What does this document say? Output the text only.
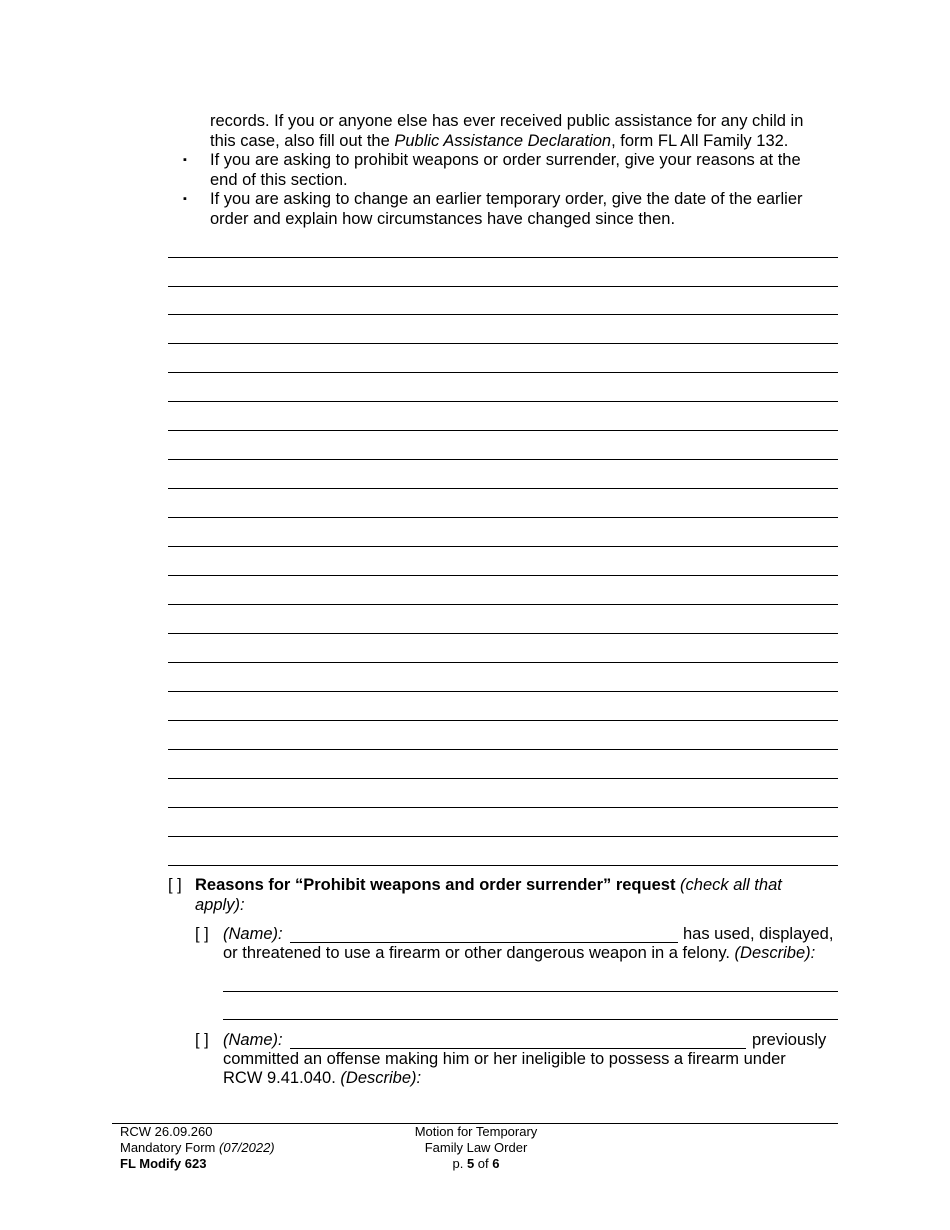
records. If you or anyone else has ever received public assistance for any child in
this case, also fill out the Public Assistance Declaration, form FL All Family 132.
▪ If you are asking to prohibit weapons or order surrender, give your reasons at the
end of this section.
▪ If you are asking to change an earlier temporary order, give the date of the earlier
order and explain how circumstances have changed since then.
[ ] Reasons for “Prohibit weapons and order surrender” request (check all that
apply):
[ ] (Name):	has used, displayed,
or threatened to use a firearm or other dangerous weapon in a felony. (Describe):
[ ] (Name):	previously
committed an offense making him or her ineligible to possess a firearm under
RCW 9.41.040. (Describe):
RCW 26.09.260
Mandatory Form (07/2022)
FL Modify 623
Motion for Temporary
Family Law Order
p. 5 of 6
